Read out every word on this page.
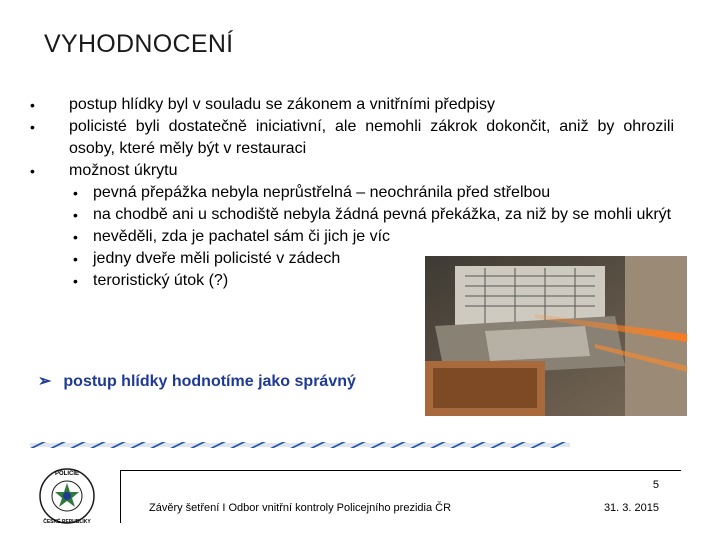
VYHODNOCENÍ
• postup hlídky byl v souladu se zákonem a vnitřními předpisy
• policisté byli dostatečně iniciativní, ale nemohli zákrok dokončit, aniž by ohrozili osoby, které měly být v restauraci
• možnost úkrytu
• pevná přepážka nebyla neprůstřelná – neochránila před střelbou
• na chodbě ani u schodiště nebyla žádná pevná překážka, za niž by se mohli ukrýt
• nevěděli, zda je pachatel sám či jich je víc
• jedny dveře měli policisté v zádech
• teroristický útok (?)
➢ postup hlídky hodnotíme jako správný
POLICIE
ČESKÉ REPUBLIKY
5
Závěry šetření I Odbor vnitřní kontroly Policejního prezidia ČR	31. 3. 2015
